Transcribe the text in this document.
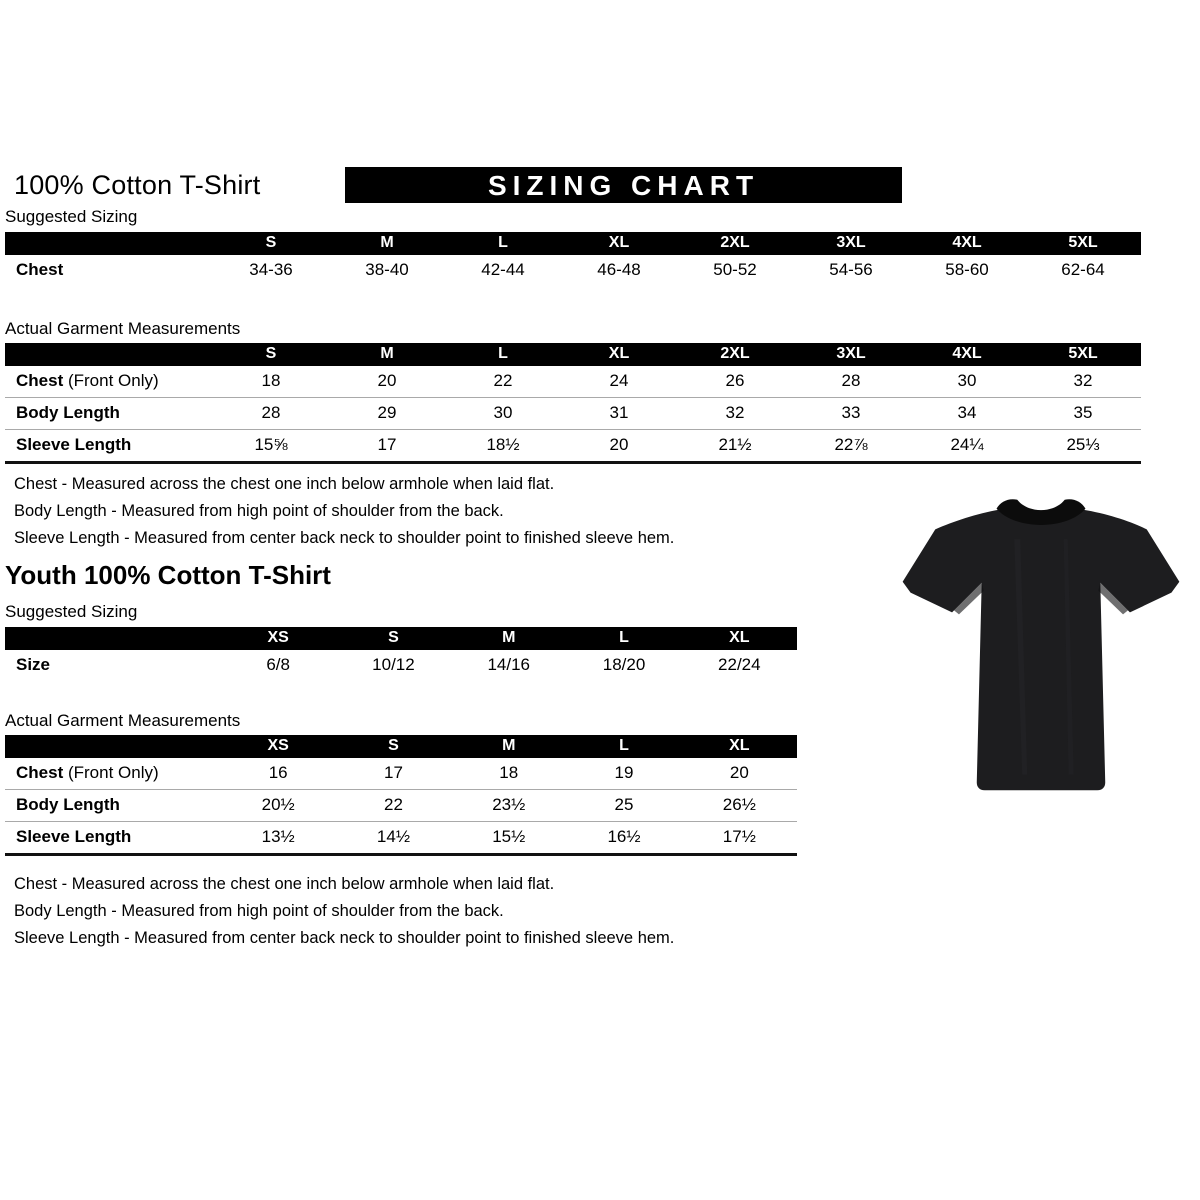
100% Cotton T-Shirt	SIZING CHART
Suggested Sizing
	S	M	L	XL	2XL	3XL	4XL	5XL
Chest	34-36	38-40	42-44	46-48	50-52	54-56	58-60	62-64
Actual Garment Measurements
	S	M	L	XL	2XL	3XL	4XL	5XL
Chest (Front Only)	18	20	22	24	26	28	30	32
Body Length	28	29	30	31	32	33	34	35
Sleeve Length	15⅝	17	18½	20	21½	22⅞	24¼	25⅓
Chest - Measured across the chest one inch below armhole when laid flat.
Body Length - Measured from high point of shoulder from the back.
Sleeve Length - Measured from center back neck to shoulder point to finished sleeve hem.
Youth 100% Cotton T-Shirt
Suggested Sizing
	XS	S	M	L	XL
Size	6/8	10/12	14/16	18/20	22/24
Actual Garment Measurements
	XS	S	M	L	XL
Chest (Front Only)	16	17	18	19	20
Body Length	20½	22	23½	25	26½
Sleeve Length	13½	14½	15½	16½	17½
Chest - Measured across the chest one inch below armhole when laid flat.
Body Length - Measured from high point of shoulder from the back.
Sleeve Length - Measured from center back neck to shoulder point to finished sleeve hem.
